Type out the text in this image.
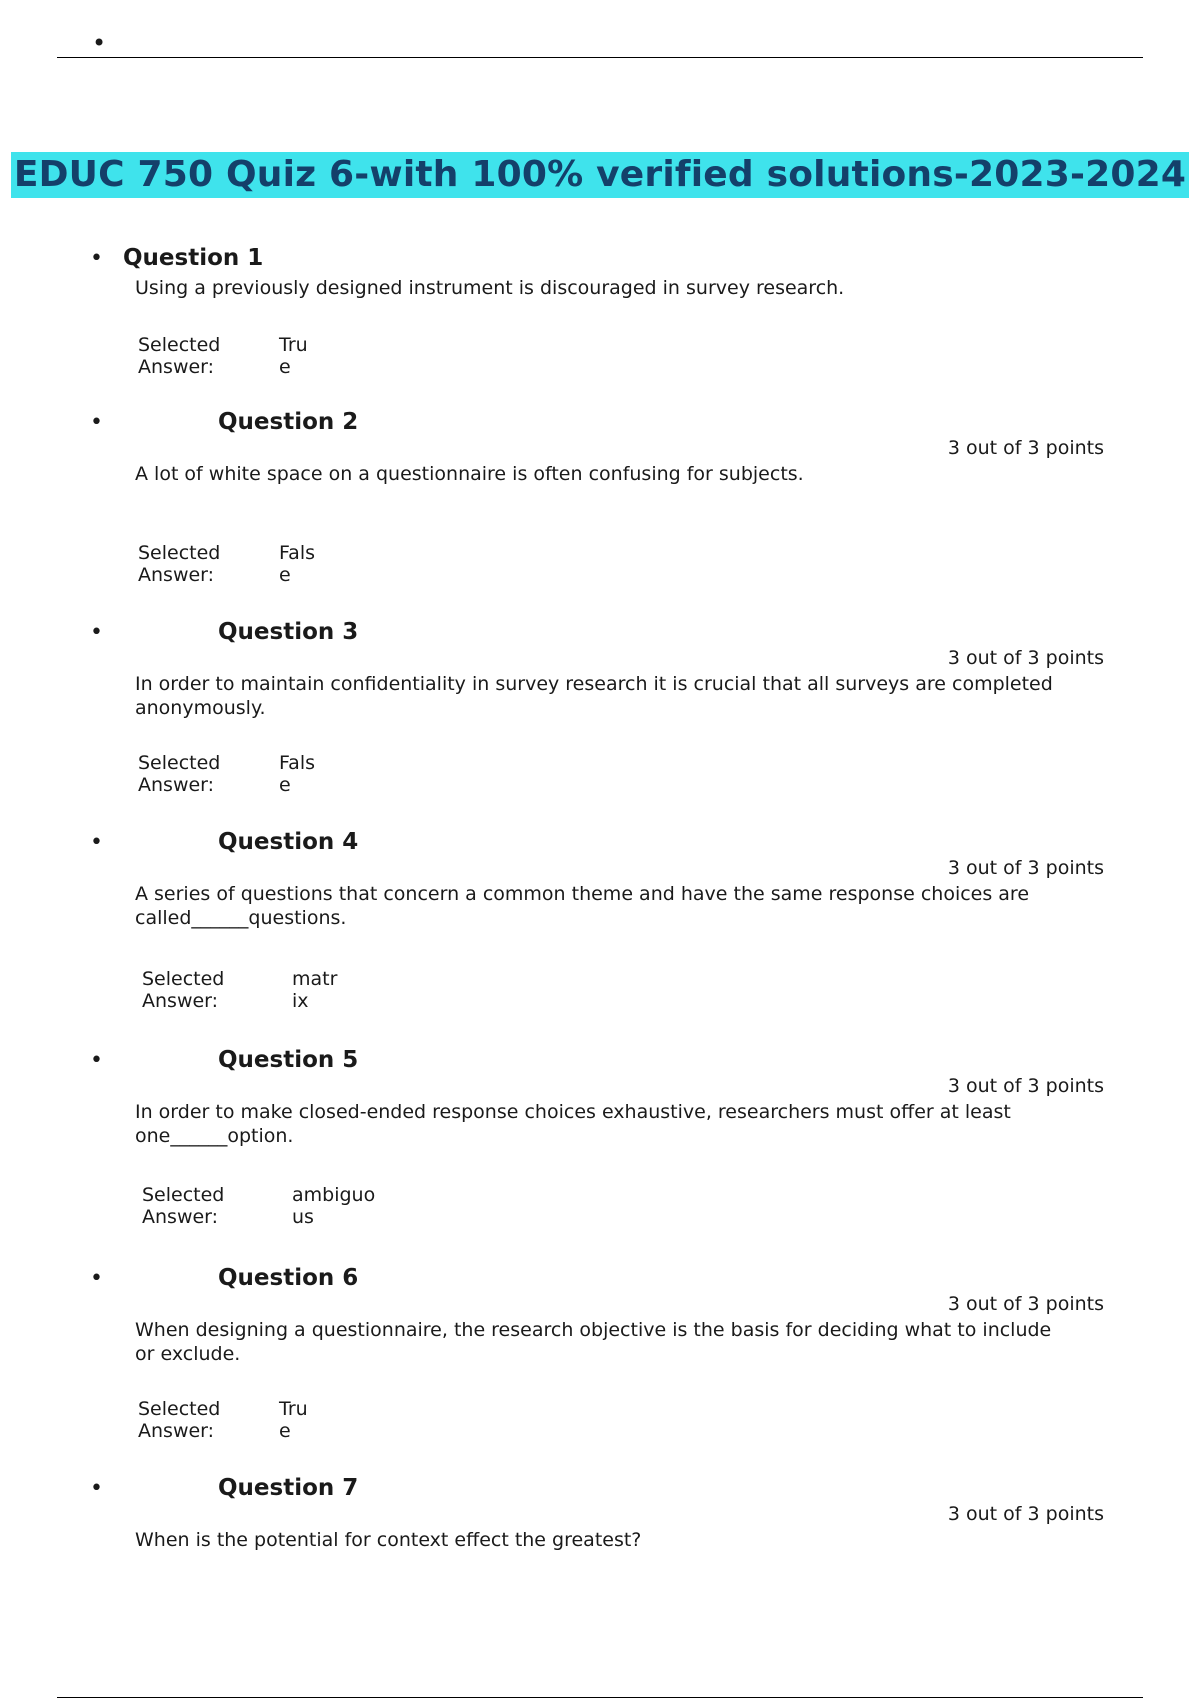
•
EDUC 750 Quiz 6-with 100% verified solutions-2023-2024
• Question 1
Using a previously designed instrument is discouraged in survey research.
Selected Answer:
True
•	Question 2
3 out of 3 points
A lot of white space on a questionnaire is often confusing for subjects.
Selected Answer:
False
•	Question 3
3 out of 3 points
In order to maintain confidentiality in survey research it is crucial that all surveys are completed anonymously.
Selected Answer:
False
•	Question 4
3 out of 3 points
A series of questions that concern a common theme and have the same response choices are called______questions.
Selected Answer:
matrix
•	Question 5
3 out of 3 points
In order to make closed-ended response choices exhaustive, researchers must offer at least one______option.
Selected Answer:
ambiguous
•	Question 6
3 out of 3 points
When designing a questionnaire, the research objective is the basis for deciding what to include or exclude.
Selected Answer:
True
•	Question 7
3 out of 3 points
When is the potential for context effect the greatest?
